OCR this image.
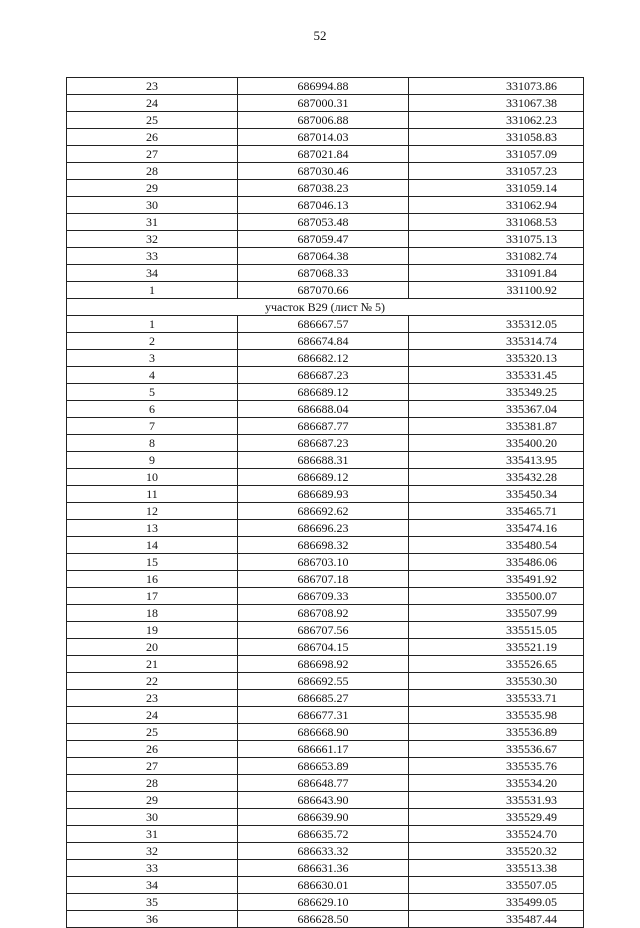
52
23	686994.88	331073.86
24	687000.31	331067.38
25	687006.88	331062.23
26	687014.03	331058.83
27	687021.84	331057.09
28	687030.46	331057.23
29	687038.23	331059.14
30	687046.13	331062.94
31	687053.48	331068.53
32	687059.47	331075.13
33	687064.38	331082.74
34	687068.33	331091.84
1	687070.66	331100.92
участок В29 (лист № 5)		
1	686667.57	335312.05
2	686674.84	335314.74
3	686682.12	335320.13
4	686687.23	335331.45
5	686689.12	335349.25
6	686688.04	335367.04
7	686687.77	335381.87
8	686687.23	335400.20
9	686688.31	335413.95
10	686689.12	335432.28
11	686689.93	335450.34
12	686692.62	335465.71
13	686696.23	335474.16
14	686698.32	335480.54
15	686703.10	335486.06
16	686707.18	335491.92
17	686709.33	335500.07
18	686708.92	335507.99
19	686707.56	335515.05
20	686704.15	335521.19
21	686698.92	335526.65
22	686692.55	335530.30
23	686685.27	335533.71
24	686677.31	335535.98
25	686668.90	335536.89
26	686661.17	335536.67
27	686653.89	335535.76
28	686648.77	335534.20
29	686643.90	335531.93
30	686639.90	335529.49
31	686635.72	335524.70
32	686633.32	335520.32
33	686631.36	335513.38
34	686630.01	335507.05
35	686629.10	335499.05
36	686628.50	335487.44
